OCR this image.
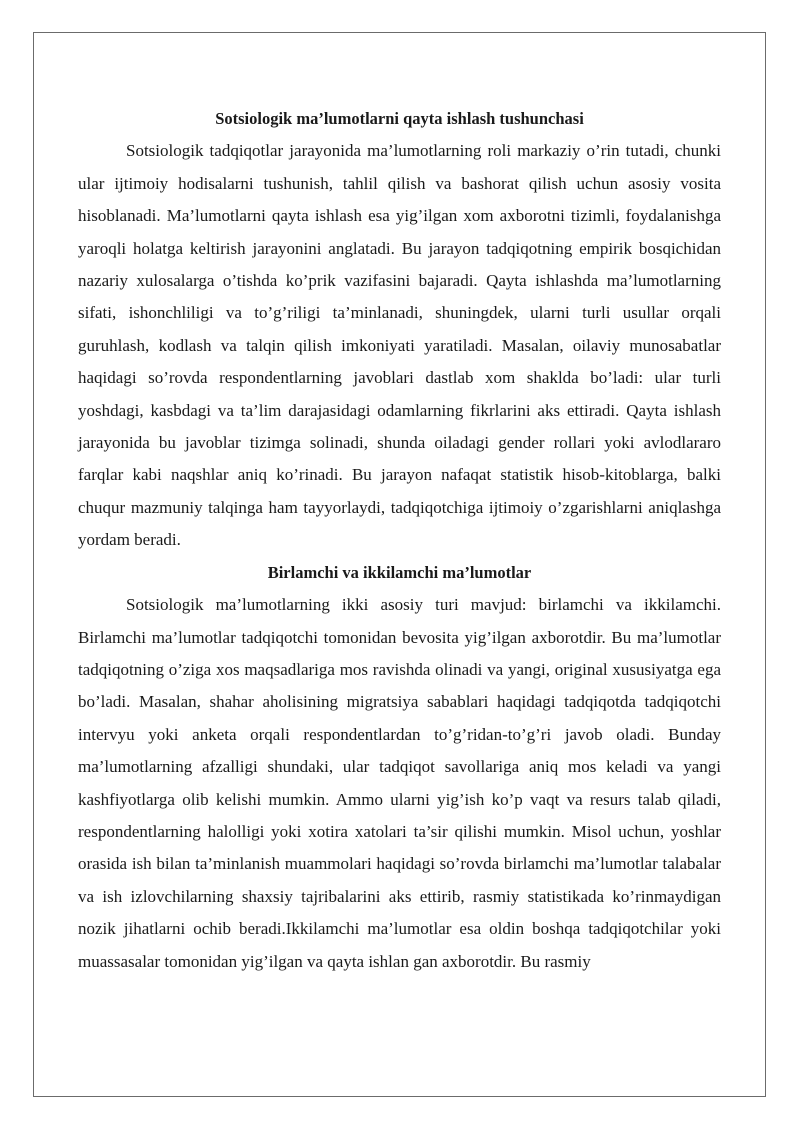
Sotsiologik ma’lumotlarni qayta ishlash tushunchasi

Sotsiologik tadqiqotlar jarayonida ma’lumotlarning roli markaziy o’rin tutadi, chunki ular ijtimoiy hodisalarni tushunish, tahlil qilish va bashorat qilish uchun asosiy vosita hisoblanadi. Ma’lumotlarni qayta ishlash esa yig’ilgan xom axborotni tizimli, foydalanishga yaroqli holatga keltirish jarayonini anglatadi. Bu jarayon tadqiqotning empirik bosqichidan nazariy xulosalarga o’tishda ko’prik vazifasini bajaradi. Qayta ishlashda ma’lumotlarning sifati, ishonchliligi va to’g’riligi ta’minlanadi, shuningdek, ularni turli usullar orqali guruhlash, kodlash va talqin qilish imkoniyati yaratiladi. Masalan, oilaviy munosabatlar haqidagi so’rovda respondentlarning javoblari dastlab xom shaklda bo’ladi: ular turli yoshdagi, kasbdagi va ta’lim darajasidagi odamlarning fikrlarini aks ettiradi. Qayta ishlash jarayonida bu javoblar tizimga solinadi, shunda oiladagi gender rollari yoki avlodlararo farqlar kabi naqshlar aniq ko’rinadi. Bu jarayon nafaqat statistik hisob-kitoblarga, balki chuqur mazmuniy talqinga ham tayyorlaydi, tadqiqotchiga ijtimoiy o’zgarishlarni aniqlashga yordam beradi.

Birlamchi va ikkilamchi ma’lumotlar

Sotsiologik ma’lumotlarning ikki asosiy turi mavjud: birlamchi va ikkilamchi. Birlamchi ma’lumotlar tadqiqotchi tomonidan bevosita yig’ilgan axborotdir. Bu ma’lumotlar tadqiqotning o’ziga xos maqsadlariga mos ravishda olinadi va yangi, original xususiyatga ega bo’ladi. Masalan, shahar aholisining migratsiya sabablari haqidagi tadqiqotda tadqiqotchi intervyu yoki anketa orqali respondentlardan to’g’ridan-to’g’ri javob oladi. Bunday ma’lumotlarning afzalligi shundaki, ular tadqiqot savollariga aniq mos keladi va yangi kashfiyotlarga olib kelishi mumkin. Ammo ularni yig’ish ko’p vaqt va resurs talab qiladi, respondentlarning halolligi yoki xotira xatolari ta’sir qilishi mumkin. Misol uchun, yoshlar orasida ish bilan ta’minlanish muammolari haqidagi so’rovda birlamchi ma’lumotlar talabalar va ish izlovchilarning shaxsiy tajribalarini aks ettirib, rasmiy statistikada ko’rinmaydigan nozik jihatlarni ochib beradi.Ikkilamchi ma’lumotlar esa oldin boshqa tadqiqotchilar yoki muassasalar tomonidan yig’ilgan va qayta ishlan gan axborotdir. Bu rasmiy
